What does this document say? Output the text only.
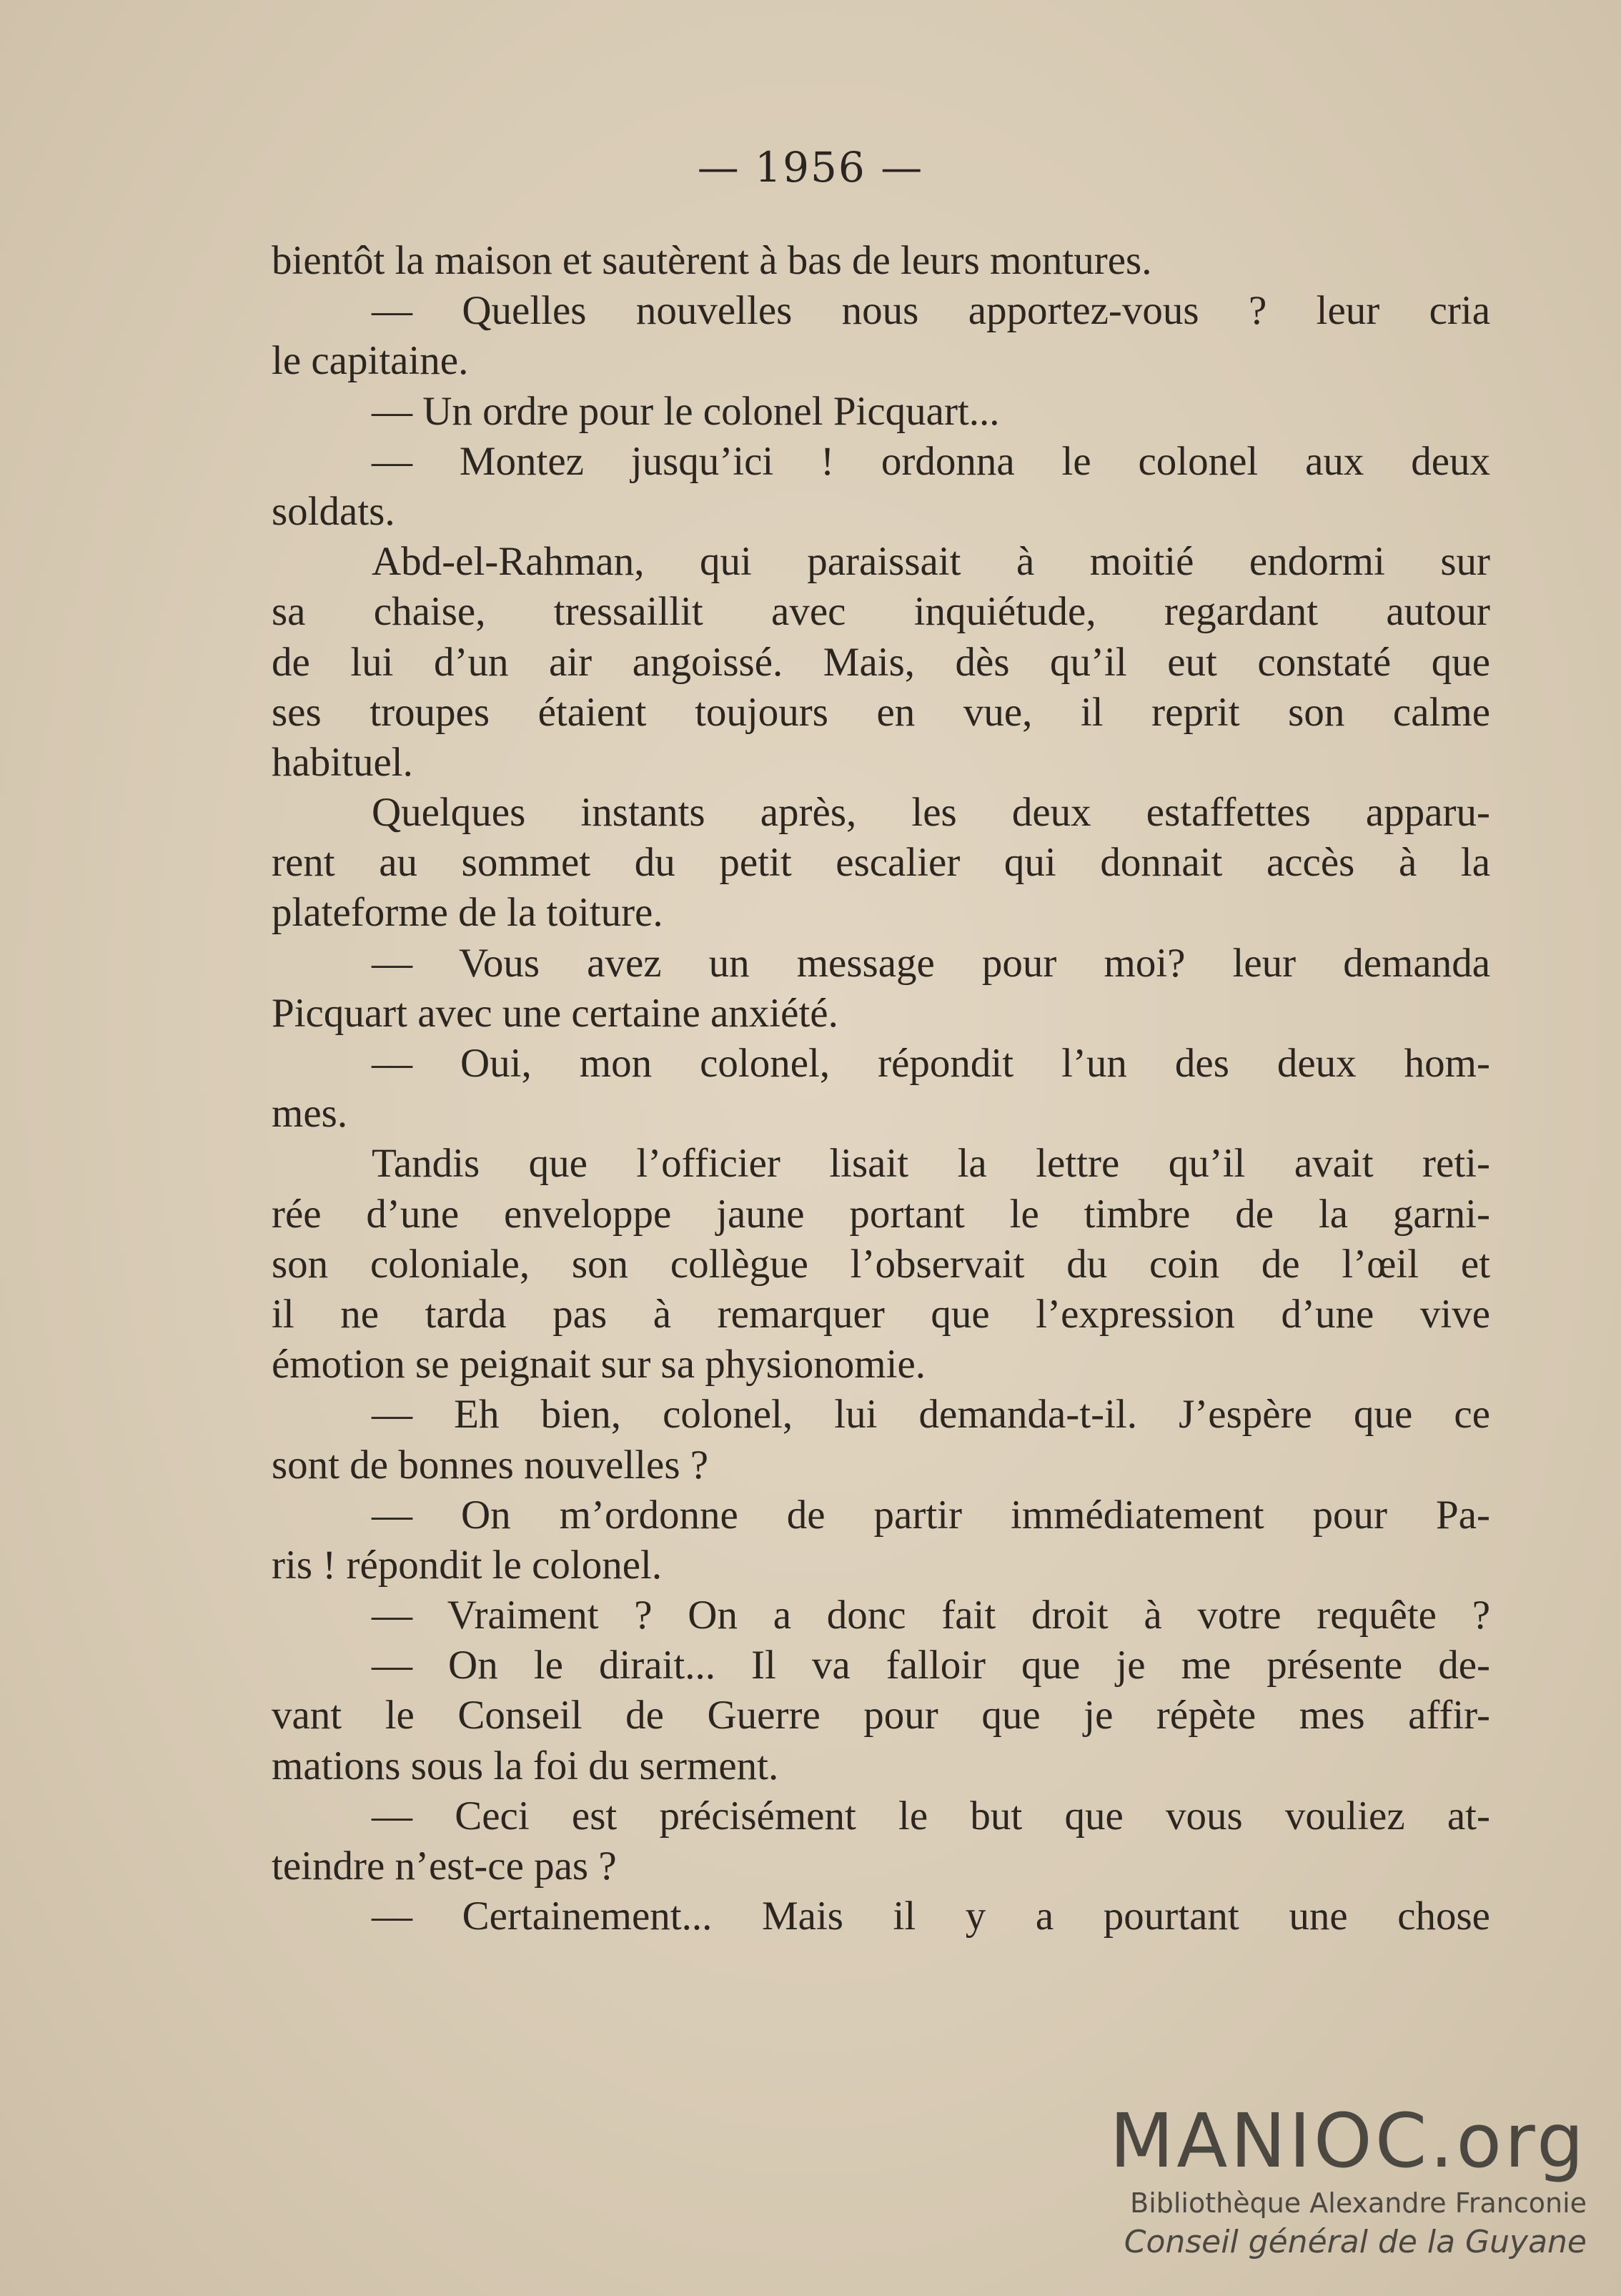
— 1956 —
bientôt la maison et sautèrent à bas de leurs montures.
— Quelles nouvelles nous apportez-vous ? leur cria
le capitaine.
— Un ordre pour le colonel Picquart...
— Montez jusqu’ici ! ordonna le colonel aux deux
soldats.
Abd-el-Rahman, qui paraissait à moitié endormi sur
sa chaise, tressaillit avec inquiétude, regardant autour
de lui d’un air angoissé. Mais, dès qu’il eut constaté que
ses troupes étaient toujours en vue, il reprit son calme
habituel.
Quelques instants après, les deux estaffettes apparu-
rent au sommet du petit escalier qui donnait accès à la
plateforme de la toiture.
— Vous avez un message pour moi? leur demanda
Picquart avec une certaine anxiété.
— Oui, mon colonel, répondit l’un des deux hom-
mes.
Tandis que l’officier lisait la lettre qu’il avait reti-
rée d’une enveloppe jaune portant le timbre de la garni-
son coloniale, son collègue l’observait du coin de l’œil et
il ne tarda pas à remarquer que l’expression d’une vive
émotion se peignait sur sa physionomie.
— Eh bien, colonel, lui demanda-t-il. J’espère que ce
sont de bonnes nouvelles ?
— On m’ordonne de partir immédiatement pour Pa-
ris ! répondit le colonel.
— Vraiment ? On a donc fait droit à votre requête ?
— On le dirait... Il va falloir que je me présente de-
vant le Conseil de Guerre pour que je répète mes affir-
mations sous la foi du serment.
— Ceci est précisément le but que vous vouliez at-
teindre n’est-ce pas ?
— Certainement... Mais il y a pourtant une chose
MANIOC.org
Bibliothèque Alexandre Franconie
Conseil général de la Guyane
